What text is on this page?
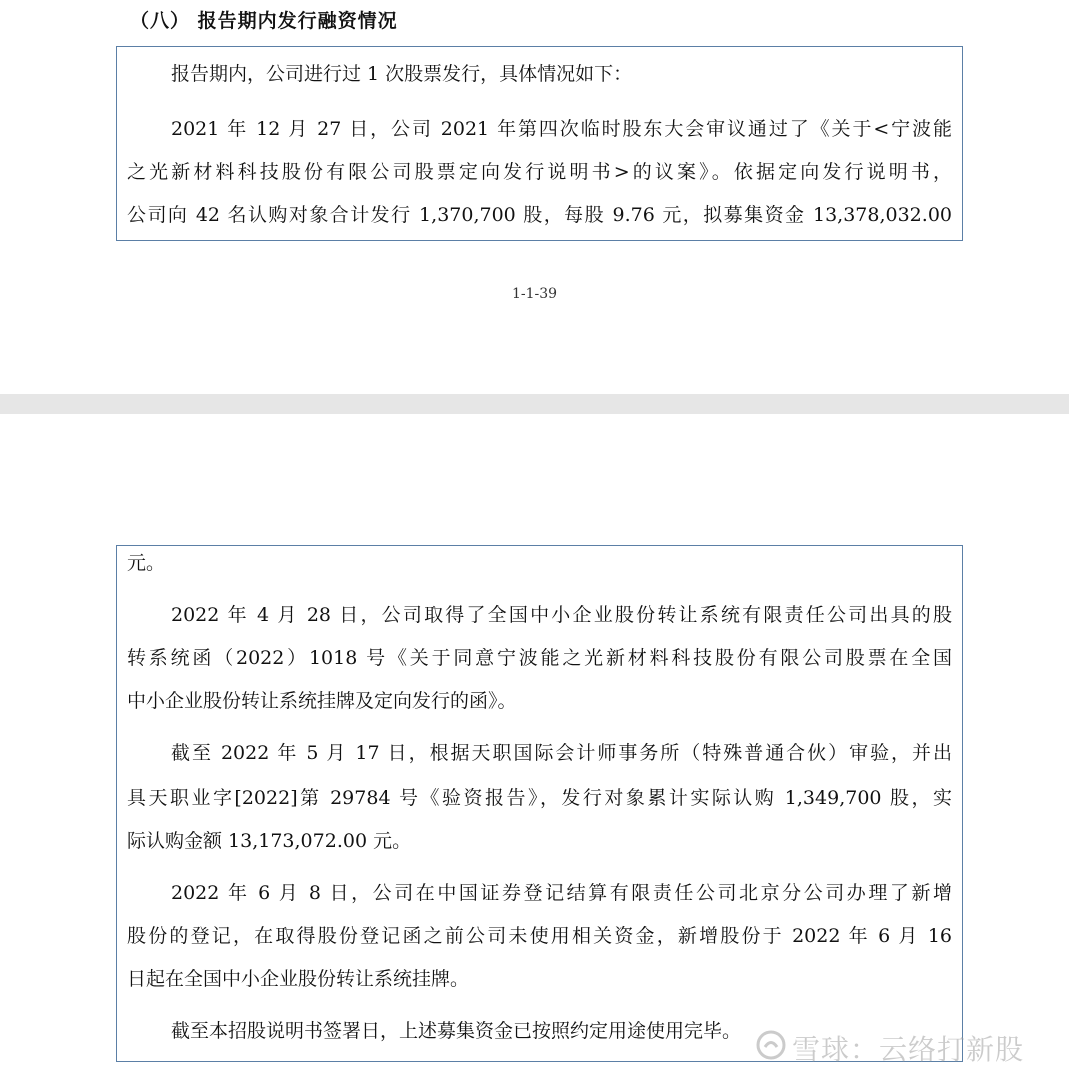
（八） 报告期内发行融资情况
报告期内，公司进行过 1 次股票发行，具体情况如下：
2021 年 12 月 27 日，公司 2021 年第四次临时股东大会审议通过了《关于<宁波能
之光新材料科技股份有限公司股票定向发行说明书>的议案》。依据定向发行说明书，
公司向 42 名认购对象合计发行 1,370,700 股，每股 9.76 元，拟募集资金 13,378,032.00
1-1-39
元。
2022 年 4 月 28 日，公司取得了全国中小企业股份转让系统有限责任公司出具的股
转系统函（2022）1018 号《关于同意宁波能之光新材料科技股份有限公司股票在全国
中小企业股份转让系统挂牌及定向发行的函》。
截至 2022 年 5 月 17 日，根据天职国际会计师事务所（特殊普通合伙）审验，并出
具天职业字[2022]第 29784 号《验资报告》，发行对象累计实际认购 1,349,700 股，实
际认购金额 13,173,072.00 元。
2022 年 6 月 8 日，公司在中国证券登记结算有限责任公司北京分公司办理了新增
股份的登记，在取得股份登记函之前公司未使用相关资金，新增股份于 2022 年 6 月 16
日起在全国中小企业股份转让系统挂牌。
截至本招股说明书签署日，上述募集资金已按照约定用途使用完毕。
雪球：云络打新股
